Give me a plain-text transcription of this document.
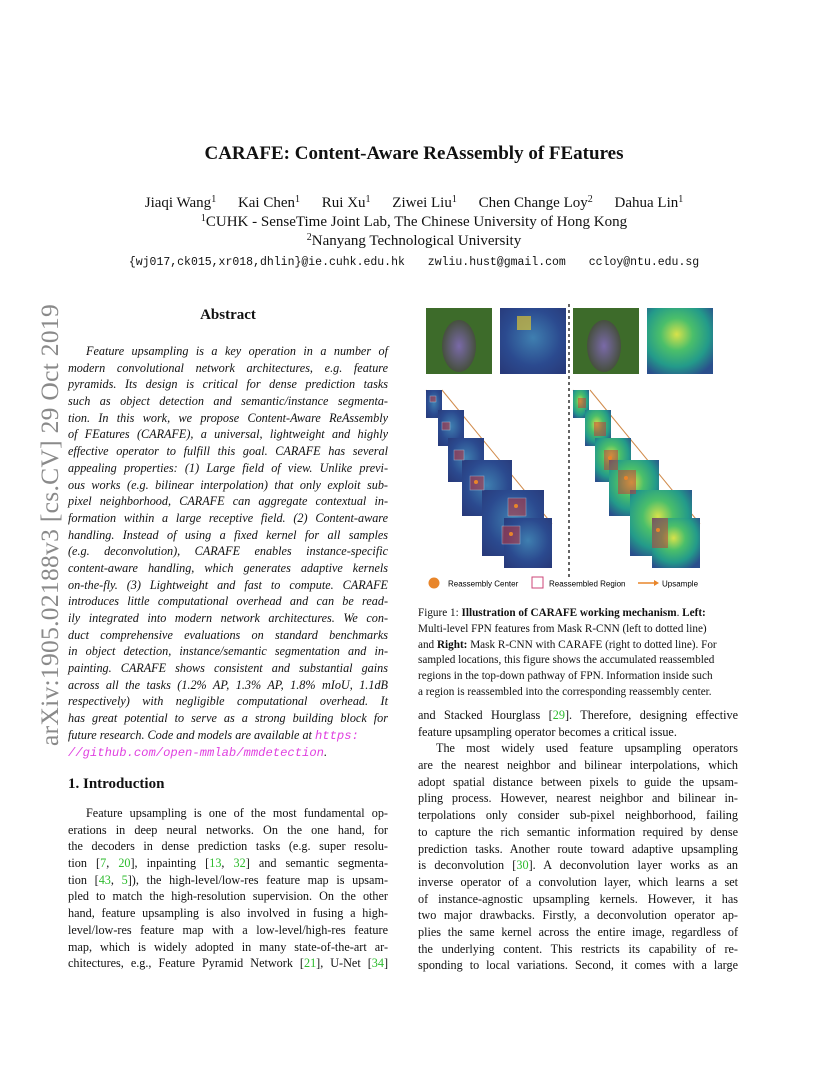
arXiv:1905.02188v3 [cs.CV] 29 Oct 2019
CARAFE: Content-Aware ReAssembly of FEatures
Jiaqi Wang$^1$ Kai Chen$^1$ Rui Xu$^1$ Ziwei Liu$^1$ Chen Change Loy$^2$ Dahua Lin$^1$
$^1$CUHK - SenseTime Joint Lab, The Chinese University of Hong Kong
$^2$Nanyang Technological University
{wj017,ck015,xr018,dhlin}@ie.cuhk.edu.hk zwliu.hust@gmail.com ccloy@ntu.edu.sg
Abstract
Feature upsampling is a key operation in a number of
modern convolutional network architectures, e.g. feature
pyramids. Its design is critical for dense prediction tasks
such as object detection and semantic/instance segmenta-
tion. In this work, we propose Content-Aware ReAssembly
of FEatures (CARAFE), a universal, lightweight and highly
effective operator to fulfill this goal. CARAFE has several
appealing properties: (1) Large field of view. Unlike previ-
ous works (e.g. bilinear interpolation) that only exploit sub-
pixel neighborhood, CARAFE can aggregate contextual in-
formation within a large receptive field. (2) Content-aware
handling. Instead of using a fixed kernel for all samples
(e.g. deconvolution), CARAFE enables instance-specific
content-aware handling, which generates adaptive kernels
on-the-fly. (3) Lightweight and fast to compute. CARAFE
introduces little computational overhead and can be read-
ily integrated into modern network architectures. We con-
duct comprehensive evaluations on standard benchmarks
in object detection, instance/semantic segmentation and in-
painting. CARAFE shows consistent and substantial gains
across all the tasks (1.2% AP, 1.3% AP, 1.8% mIoU, 1.1dB
respectively) with negligible computational overhead. It
has great potential to serve as a strong building block for
future research. Code and models are available at https:
//github.com/open-mmlab/mmdetection.
1. Introduction
Feature upsampling is one of the most fundamental op-
erations in deep neural networks. On the one hand, for
the decoders in dense prediction tasks (e.g. super resolu-
tion [7, 20], inpainting [13, 32] and semantic segmenta-
tion [43, 5]), the high-level/low-res feature map is upsam-
pled to match the high-resolution supervision. On the other
hand, feature upsampling is also involved in fusing a high-
level/low-res feature map with a low-level/high-res feature
map, which is widely adopted in many state-of-the-art ar-
chitectures, e.g., Feature Pyramid Network [21], U-Net [34]
and Stacked Hourglass [29]. Therefore, designing effective
feature upsampling operator becomes a critical issue.
The most widely used feature upsampling operators
are the nearest neighbor and bilinear interpolations, which
adopt spatial distance between pixels to guide the upsam-
pling process. However, nearest neighbor and bilinear in-
terpolations only consider sub-pixel neighborhood, failing
to capture the rich semantic information required by dense
prediction tasks. Another route toward adaptive upsampling
is deconvolution [30]. A deconvolution layer works as an
inverse operator of a convolution layer, which learns a set
of instance-agnostic upsampling kernels. However, it has
two major drawbacks. Firstly, a deconvolution operator ap-
plies the same kernel across the entire image, regardless of
the underlying content. This restricts its capability of re-
sponding to local variations. Second, it comes with a large
Reassembly Center	Reassembled Region	Upsample
Figure 1: Illustration of CARAFE working mechanism. Left:
Multi-level FPN features from Mask R-CNN (left to dotted line)
and Right: Mask R-CNN with CARAFE (right to dotted line). For
sampled locations, this figure shows the accumulated reassembled
regions in the top-down pathway of FPN. Information inside such
a region is reassembled into the corresponding reassembly center.
